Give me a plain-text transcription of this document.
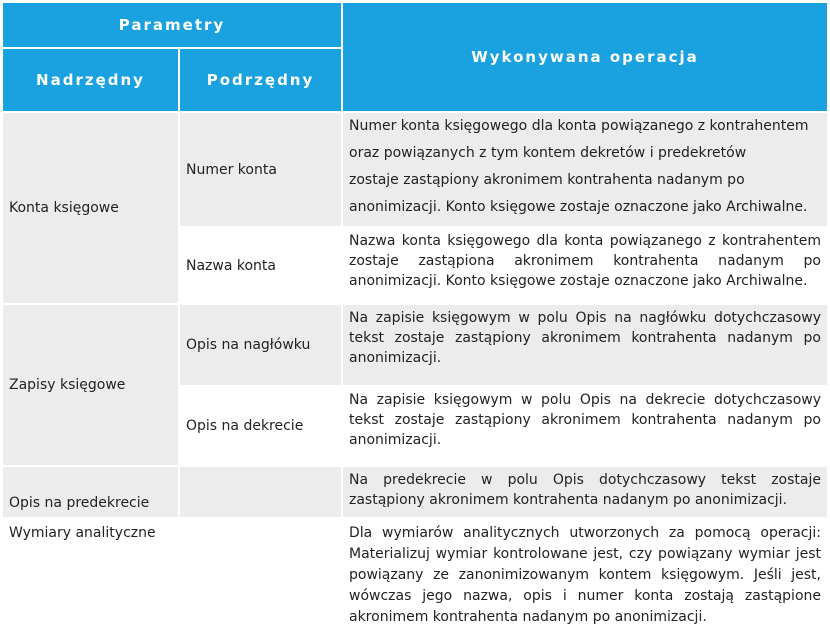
Parametry
Nadrzędny	Podrzędny
Wykonywana operacja
Konta księgowe
Numer konta
Numer konta księgowego dla konta powiązanego z kontrahentem
oraz powiązanych z tym kontem dekretów i predekretów
zostaje zastąpiony akronimem kontrahenta nadanym po
anonimizacji. Konto księgowe zostaje oznaczone jako Archiwalne.
Nazwa konta
Nazwa konta księgowego dla konta powiązanego z kontrahentem zostaje zastąpiona akronimem kontrahenta nadanym po anonimizacji. Konto księgowe zostaje oznaczone jako Archiwalne.
Zapisy księgowe
Opis na nagłówku
Na zapisie księgowym w polu Opis na nagłówku dotychczasowy tekst zostaje zastąpiony akronimem kontrahenta nadanym po anonimizacji.
Opis na dekrecie
Na zapisie księgowym w polu Opis na dekrecie dotychczasowy tekst zostaje zastąpiony akronimem kontrahenta nadanym po anonimizacji.
Opis na predekrecie
Na predekrecie w polu Opis dotychczasowy tekst zostaje zastąpiony akronimem kontrahenta nadanym po anonimizacji.
Wymiary analityczne	Dla wymiarów analitycznych utworzonych za pomocą operacji: Materializuj wymiar kontrolowane jest, czy powiązany wymiar jest powiązany ze zanonimizowanym kontem księgowym. Jeśli jest, wówczas jego nazwa, opis i numer konta zostają zastąpione akronimem kontrahenta nadanym po anonimizacji.
